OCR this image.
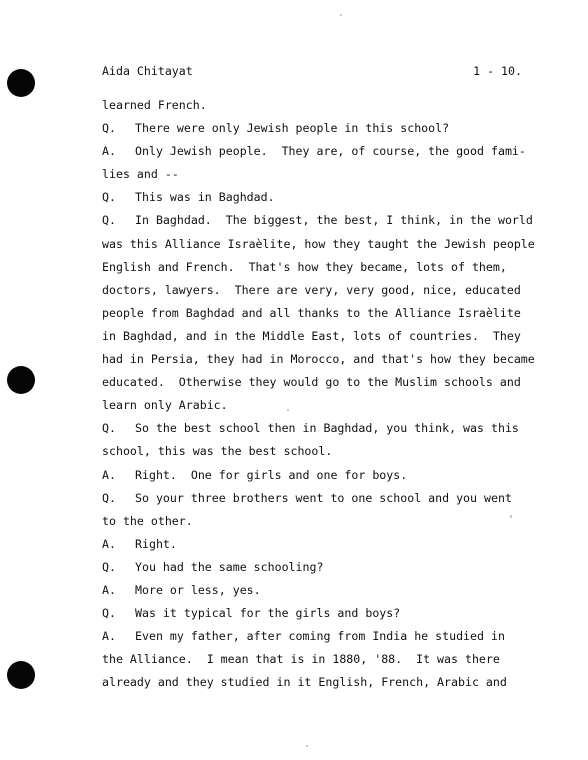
Aida Chitayat	1 - 10.
learned French.
Q. There were only Jewish people in this school?
A. Only Jewish people.  They are, of course, the good fami-
lies and --
Q. This was in Baghdad.
Q. In Baghdad.  The biggest, the best, I think, in the world
was this Alliance Israèlite, how they taught the Jewish people
English and French.  That's how they became, lots of them,
doctors, lawyers.  There are very, very good, nice, educated
people from Baghdad and all thanks to the Alliance Israèlite
in Baghdad, and in the Middle East, lots of countries.  They
had in Persia, they had in Morocco, and that's how they became
educated.  Otherwise they would go to the Muslim schools and
learn only Arabic.
Q. So the best school then in Baghdad, you think, was this
school, this was the best school.
A. Right.  One for girls and one for boys.
Q. So your three brothers went to one school and you went
to the other.
A. Right.
Q. You had the same schooling?
A. More or less, yes.
Q. Was it typical for the girls and boys?
A. Even my father, after coming from India he studied in
the Alliance.  I mean that is in 1880, '88.  It was there
already and they studied in it English, French, Arabic and
